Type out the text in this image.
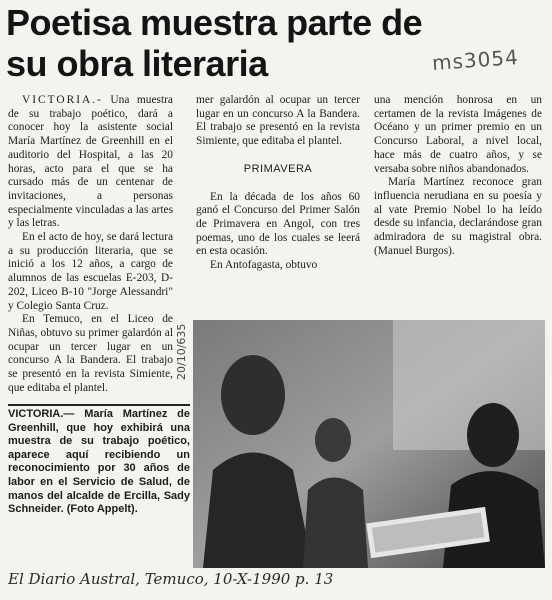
Poetisa muestra parte de su obra literaria	ms3054

VICTORIA.- Una muestra de su trabajo poético, dará a conocer hoy la asistente social María Martínez de Greenhill en el auditorio del Hospital, a las 20 horas, acto para el que se ha cursado más de un centenar de invitaciones, a personas especialmente vinculadas a las artes y las letras.

En el acto de hoy, se dará lectura a su producción literaria, que se inició a los 12 años, a cargo de alumnos de las escuelas E-203, D-202, Liceo B-10 "Jorge Alessandri" y Colegio Santa Cruz.

En Temuco, en el Liceo de Niñas, obtuvo su primer galardón al ocupar un tercer lugar en un concurso A la Bandera. El trabajo se presentó en la revista Simiente, que editaba el plantel.

mer galardón al ocupar un tercer lugar en un concurso A la Bandera. El trabajo se presentó en la revista Simiente, que editaba el plantel.

PRIMAVERA

En la década de los años 60 ganó el Concurso del Primer Salón de Primavera en Angol, con tres poemas, uno de los cuales se leerá en esta ocasión.

En Antofagasta, obtuvo

una mención honrosa en un certamen de la revista Imágenes de Océano y un primer premio en un Concurso Laboral, a nivel local, hace más de cuatro años, y se versaba sobre niños abandonados.

María Martínez reconoce gran influencia nerudiana en su poesía y al vate Premio Nobel lo ha leído desde su infancia, declarándose gran admiradora de su magistral obra. (Manuel Burgos).

VICTORIA.— María Martínez de Greenhill, que hoy exhibirá una muestra de su trabajo poético, aparece aquí recibiendo un reconocimiento por 30 años de labor en el Servicio de Salud, de manos del alcalde de Ercilla, Sady Schneider. (Foto Appelt).

20/10/635
El Diario Austral, Temuco, 10-X-1990 p. 13
